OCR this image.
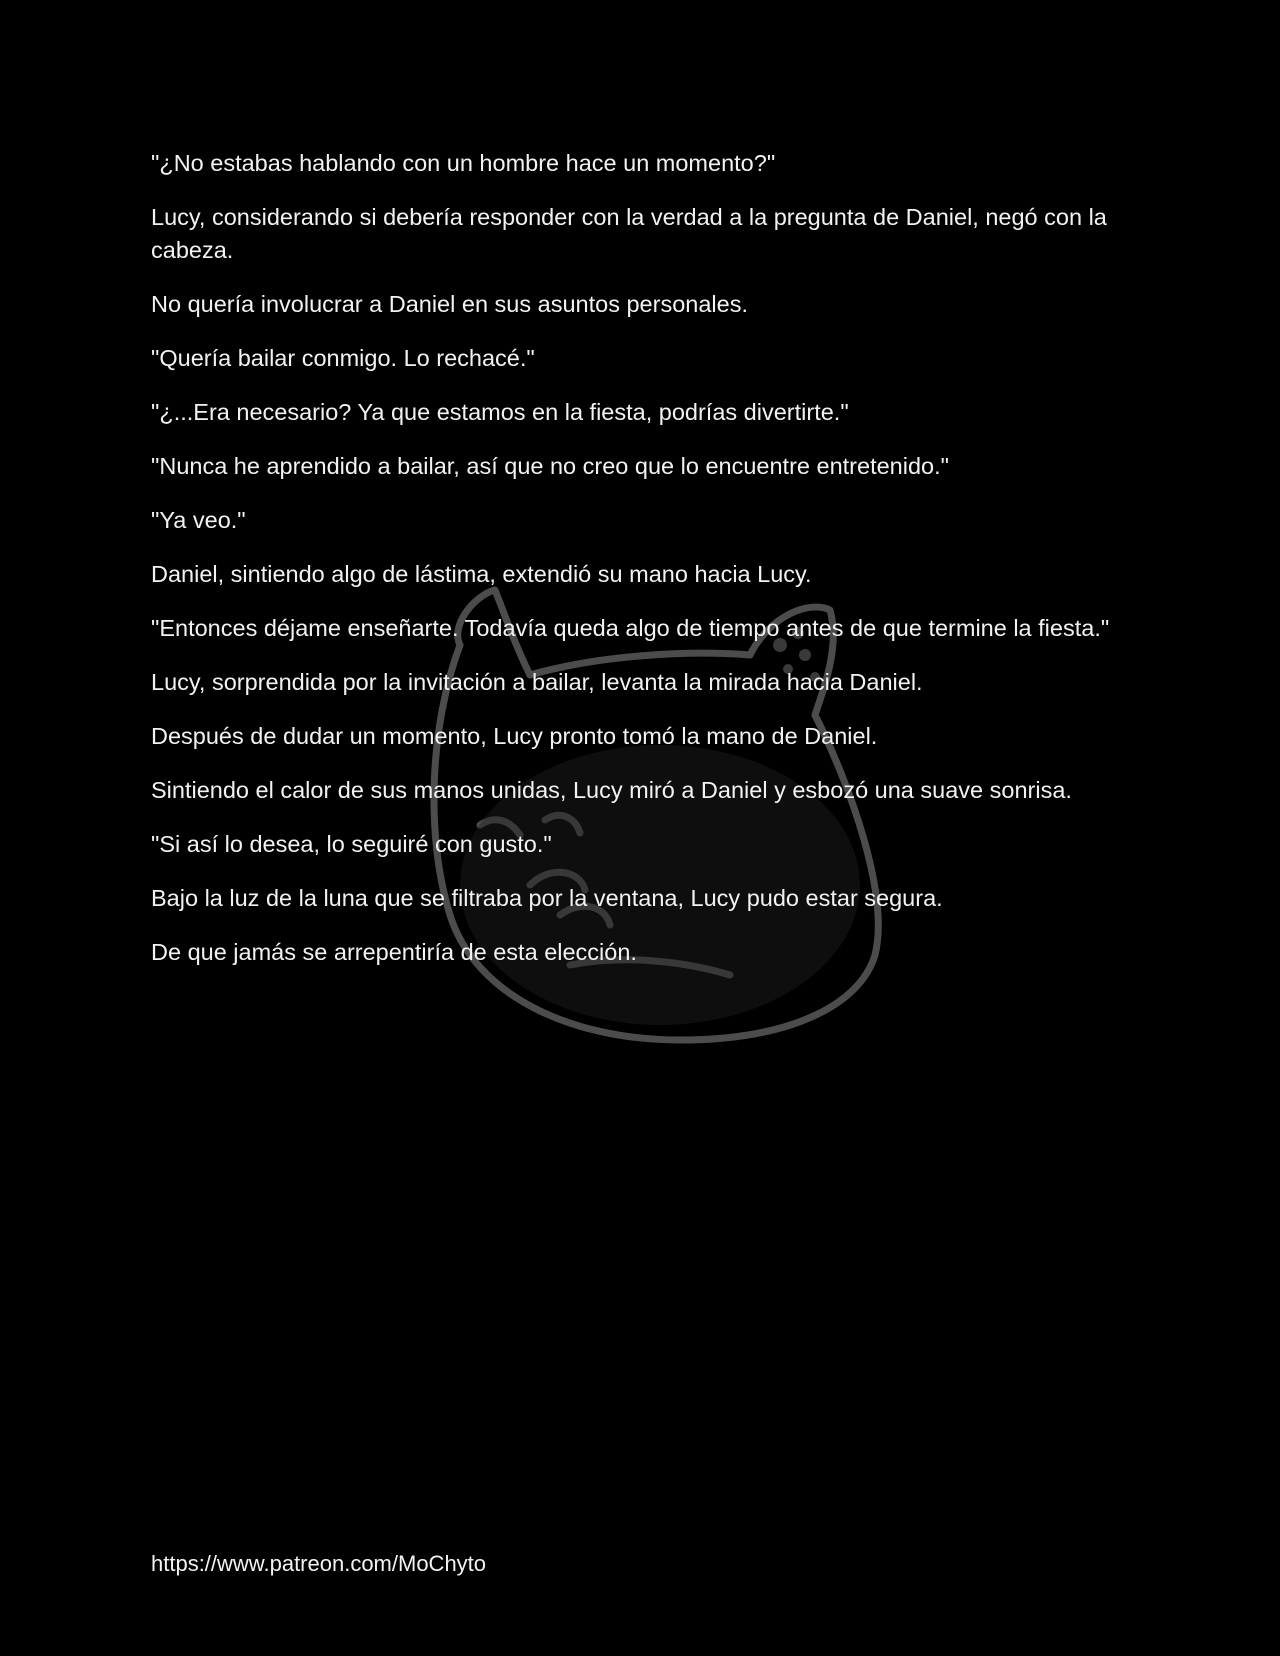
"¿No estabas hablando con un hombre hace un momento?"

Lucy, considerando si debería responder con la verdad a la pregunta de Daniel, negó con la cabeza.

No quería involucrar a Daniel en sus asuntos personales.

"Quería bailar conmigo. Lo rechacé."

"¿...Era necesario? Ya que estamos en la fiesta, podrías divertirte."

"Nunca he aprendido a bailar, así que no creo que lo encuentre entretenido."

"Ya veo."

Daniel, sintiendo algo de lástima, extendió su mano hacia Lucy.

"Entonces déjame enseñarte. Todavía queda algo de tiempo antes de que termine la fiesta."

Lucy, sorprendida por la invitación a bailar, levanta la mirada hacia Daniel.

Después de dudar un momento, Lucy pronto tomó la mano de Daniel.

Sintiendo el calor de sus manos unidas, Lucy miró a Daniel y esbozó una suave sonrisa.

"Si así lo desea, lo seguiré con gusto."

Bajo la luz de la luna que se filtraba por la ventana, Lucy pudo estar segura.

De que jamás se arrepentiría de esta elección.

https://www.patreon.com/MoChyto
